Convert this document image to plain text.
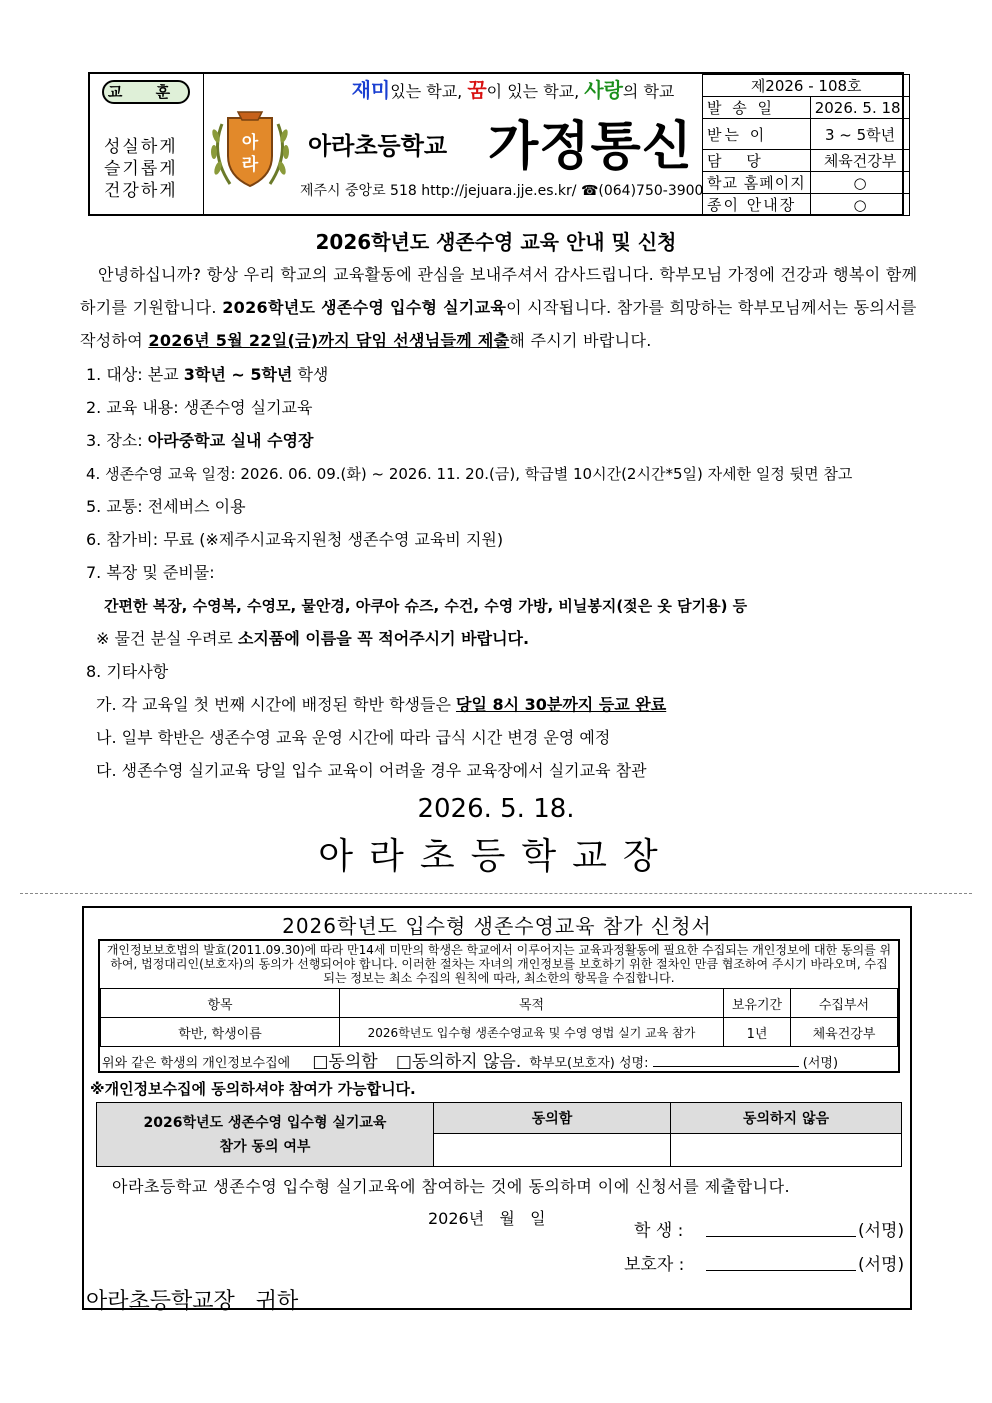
교 훈
성실하게
슬기롭게
건강하게
아
라
재미있는 학교, 꿈이 있는 학교, 사랑의 학교
아라초등학교 가정통신
제주시 중앙로 518 http://jejuara.jje.es.kr/ ☎(064)750-3900
제2026 - 108호	
발 송 일	2026. 5. 18.
받는 이	3 ~ 5학년
담 당	체육건강부
학교 홈페이지	○
종이 안내장	○
2026학년도 생존수영 교육 안내 및 신청
안녕하십니까? 항상 우리 학교의 교육활동에 관심을 보내주셔서 감사드립니다. 학부모님 가정에 건강과 행복이 함께 하기를 기원합니다. 2026학년도 생존수영 입수형 실기교육이 시작됩니다. 참가를 희망하는 학부모님께서는 동의서를 작성하여 2026년 5월 22일(금)까지 담임 선생님들께 제출해 주시기 바랍니다.
1. 대상: 본교 3학년 ~ 5학년 학생
2. 교육 내용: 생존수영 실기교육
3. 장소: 아라중학교 실내 수영장
4. 생존수영 교육 일정: 2026. 06. 09.(화) ~ 2026. 11. 20.(금), 학급별 10시간(2시간*5일) 자세한 일정 뒷면 참고
5. 교통: 전세버스 이용
6. 참가비: 무료 (※제주시교육지원청 생존수영 교육비 지원)
7. 복장 및 준비물:
간편한 복장, 수영복, 수영모, 물안경, 아쿠아 슈즈, 수건, 수영 가방, 비닐봉지(젖은 옷 담기용) 등
※ 물건 분실 우려로 소지품에 이름을 꼭 적어주시기 바랍니다.
8. 기타사항
가. 각 교육일 첫 번째 시간에 배정된 학반 학생들은 당일 8시 30분까지 등교 완료
나. 일부 학반은 생존수영 교육 운영 시간에 따라 급식 시간 변경 운영 예정
다. 생존수영 실기교육 당일 입수 교육이 어려울 경우 교육장에서 실기교육 참관
2026. 5. 18.
아라초등학교장
2026학년도 입수형 생존수영교육 참가 신청서
개인정보보호법의 발효(2011.09.30)에 따라 만14세 미만의 학생은 학교에서 이루어지는 교육과정활동에 필요한 수집되는 개인정보에 대한 동의를 위하여, 법정대리인(보호자)의 동의가 선행되어야 합니다. 이러한 절차는 자녀의 개인정보를 보호하기 위한 절차인 만큼 협조하여 주시기 바라오며, 수집되는 정보는 최소 수집의 원칙에 따라, 최소한의 항목을 수집합니다.
항목	목적	보유기간	수집부서
학반, 학생이름	2026학년도 입수형 생존수영교육 및 수영 영법 실기 교육 참가	1년	체육건강부
위와 같은 학생의 개인정보수집에 □동의함 □동의하지 않음. 학부모(보호자) 성명:	(서명)
※개인정보수집에 동의하셔야 참여가 가능합니다.
2026학년도 생존수영 입수형 실기교육
참가 동의 여부	동의함	동의하지 않음

아라초등학교 생존수영 입수형 실기교육에 참여하는 것에 동의하며 이에 신청서를 제출합니다.
2026년   월   일
학 생 :	(서명)
보호자 :	(서명)
아라초등학교장   귀하
